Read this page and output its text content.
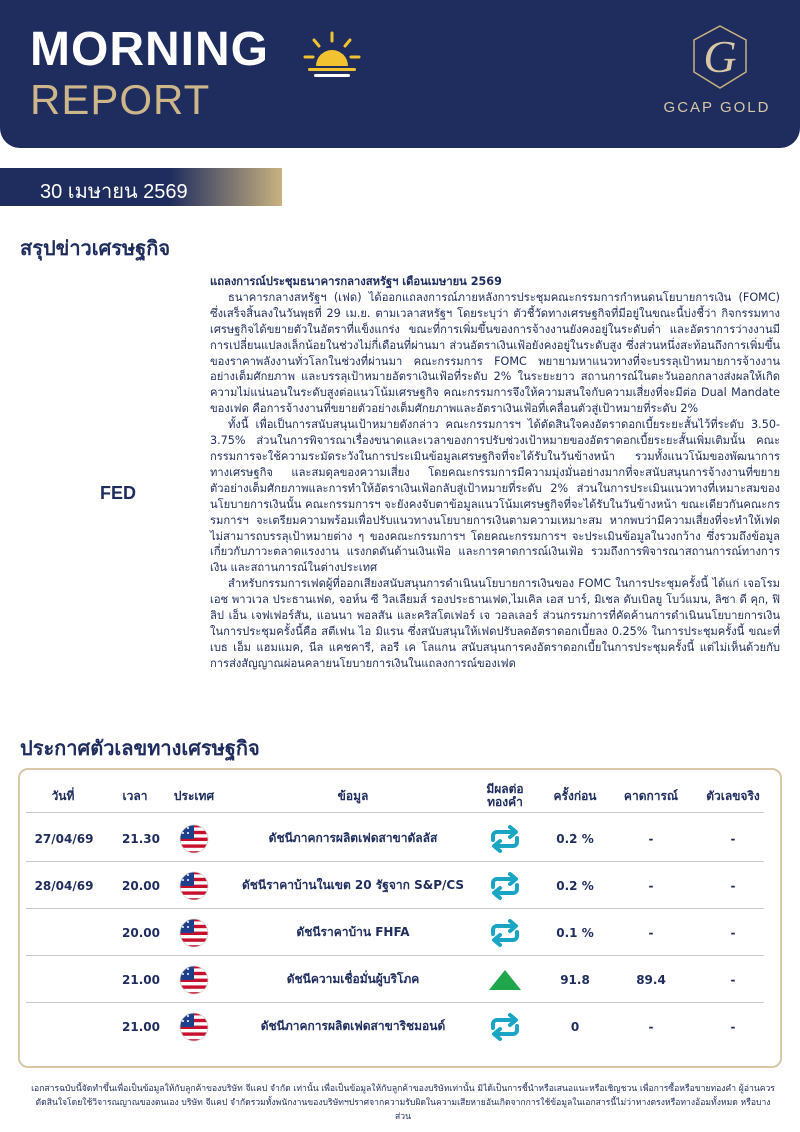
MORNING
REPORT
G
GCAP GOLD
30 เมษายน 2569
สรุปข่าวเศรษฐกิจ
FED
แถลงการณ์ประชุมธนาคารกลางสหรัฐฯ เดือนเมษายน 2569

ธนาคารกลางสหรัฐฯ (เฟด) ได้ออกแถลงการณ์ภายหลังการประชุมคณะกรรมการกำหนดนโยบายการเงิน (FOMC) ซึ่งเสร็จสิ้นลงในวันพุธที่ 29 เม.ย. ตามเวลาสหรัฐฯ โดยระบุว่า ตัวชี้วัดทางเศรษฐกิจที่มีอยู่ในขณะนี้บ่งชี้ว่า กิจกรรมทางเศรษฐกิจได้ขยายตัวในอัตราที่แข็งแกร่ง ขณะที่การเพิ่มขึ้นของการจ้างงานยังคงอยู่ในระดับต่ำ และอัตราการว่างงานมีการเปลี่ยนแปลงเล็กน้อยในช่วงไม่กี่เดือนที่ผ่านมา ส่วนอัตราเงินเฟ้อยังคงอยู่ในระดับสูง ซึ่งส่วนหนึ่งสะท้อนถึงการเพิ่มขึ้นของราคาพลังงานทั่วโลกในช่วงที่ผ่านมา คณะกรรมการ FOMC พยายามหาแนวทางที่จะบรรลุเป้าหมายการจ้างงานอย่างเต็มศักยภาพ และบรรลุเป้าหมายอัตราเงินเฟ้อที่ระดับ 2% ในระยะยาว สถานการณ์ในตะวันออกกลางส่งผลให้เกิดความไม่แน่นอนในระดับสูงต่อแนวโน้มเศรษฐกิจ คณะกรรมการจึงให้ความสนใจกับความเสี่ยงที่จะมีต่อ Dual Mandate ของเฟด คือการจ้างงานที่ขยายตัวอย่างเต็มศักยภาพและอัตราเงินเฟ้อที่เคลื่อนตัวสู่เป้าหมายที่ระดับ 2%

ทั้งนี้ เพื่อเป็นการสนับสนุนเป้าหมายดังกล่าว คณะกรรมการฯ ได้ตัดสินใจคงอัตราดอกเบี้ยระยะสั้นไว้ที่ระดับ 3.50-3.75% ส่วนในการพิจารณาเรื่องขนาดและเวลาของการปรับช่วงเป้าหมายของอัตราดอกเบี้ยระยะสั้นเพิ่มเติมนั้น คณะกรรมการจะใช้ความระมัดระวังในการประเมินข้อมูลเศรษฐกิจที่จะได้รับในวันข้างหน้า รวมทั้งแนวโน้มของพัฒนาการทางเศรษฐกิจ และสมดุลของความเสี่ยง โดยคณะกรรมการมีความมุ่งมั่นอย่างมากที่จะสนับสนุนการจ้างงานที่ขยายตัวอย่างเต็มศักยภาพและการทำให้อัตราเงินเฟ้อกลับสู่เป้าหมายที่ระดับ 2% ส่วนในการประเมินแนวทางที่เหมาะสมของนโยบายการเงินนั้น คณะกรรมการฯ จะยังคงจับตาข้อมูลแนวโน้มเศรษฐกิจที่จะได้รับในวันข้างหน้า ขณะเดียวกันคณะกรรมการฯ จะเตรียมความพร้อมเพื่อปรับแนวทางนโยบายการเงินตามความเหมาะสม หากพบว่ามีความเสี่ยงที่จะทำให้เฟดไม่สามารถบรรลุเป้าหมายต่าง ๆ ของคณะกรรมการฯ โดยคณะกรรมการฯ จะประเมินข้อมูลในวงกว้าง ซึ่งรวมถึงข้อมูลเกี่ยวกับภาวะตลาดแรงงาน แรงกดดันด้านเงินเฟ้อ และการคาดการณ์เงินเฟ้อ รวมถึงการพิจารณาสถานการณ์ทางการเงิน และสถานการณ์ในต่างประเทศ

สำหรับกรรมการเฟดผู้ที่ออกเสียงสนับสนุนการดำเนินนโยบายการเงินของ FOMC ในการประชุมครั้งนี้ ได้แก่ เจอโรม เอช พาวเวล ประธานเฟด, จอห์น ซี วิลเลียมส์ รองประธานเฟด,ไมเคิล เอส บาร์, มิเชล ดับเบิลยู โบว์แมน, ลิซา ดี คุก, ฟิลิป เอ็น เจฟเฟอร์สัน, แอนนา พอลสัน และคริสโตเฟอร์ เจ วอลเลอร์ ส่วนกรรมการที่คัดค้านการดำเนินนโยบายการเงินในการประชุมครั้งนี้คือ สตีเฟน ไอ มิแรน ซึ่งสนับสนุนให้เฟดปรับลดอัตราดอกเบี้ยลง 0.25% ในการประชุมครั้งนี้ ขณะที่ เบธ เอ็ม แฮมแมค, นีล แคชคารี, ลอรี เค โลแกน สนับสนุนการคงอัตราดอกเบี้ยในการประชุมครั้งนี้ แต่ไม่เห็นด้วยกับการส่งสัญญาณผ่อนคลายนโยบายการเงินในแถลงการณ์ของเฟด

ประกาศตัวเลขทางเศรษฐกิจ
วันที่	เวลา	ประเทศ	ข้อมูล	มีผลต่อทองคำ	ครั้งก่อน	คาดการณ์	ตัวเลขจริง
27/04/69	21.30	ดัชนีภาคการผลิตเฟดสาขาดัลลัส	0.2 %	-	-
28/04/69	20.00	ดัชนีราคาบ้านในเขต 20 รัฐจาก S&P/CS	0.2 %	-	-
20.00	ดัชนีราคาบ้าน FHFA	0.1 %	-	-
21.00	ดัชนีความเชื่อมั่นผู้บริโภค	91.8	89.4	-
21.00	ดัชนีภาคการผลิตเฟดสาขาริชมอนด์	0	-	-
เอกสารฉบับนี้จัดทำขึ้นเพื่อเป็นข้อมูลให้กับลูกค้าของบริษัท จีแคป จำกัด เท่านั้น เพื่อเป็นข้อมูลให้กับลูกค้าของบริษัทเท่านั้น มิได้เป็นการชี้นำหรือเสนอแนะหรือเชิญชวน เพื่อการซื้อหรือขายทองคำ ผู้อ่านควรตัดสินใจโดยใช้วิจารณญาณของตนเอง บริษัท จีแคป จำกัดรวมทั้งพนักงานของบริษัทฯปราศจากความรับผิดในความเสียหายอันเกิดจากการใช้ข้อมูลในเอกสารนี้ไม่ว่าทางตรงหรือทางอ้อมทั้งหมด หรือบางส่วน
